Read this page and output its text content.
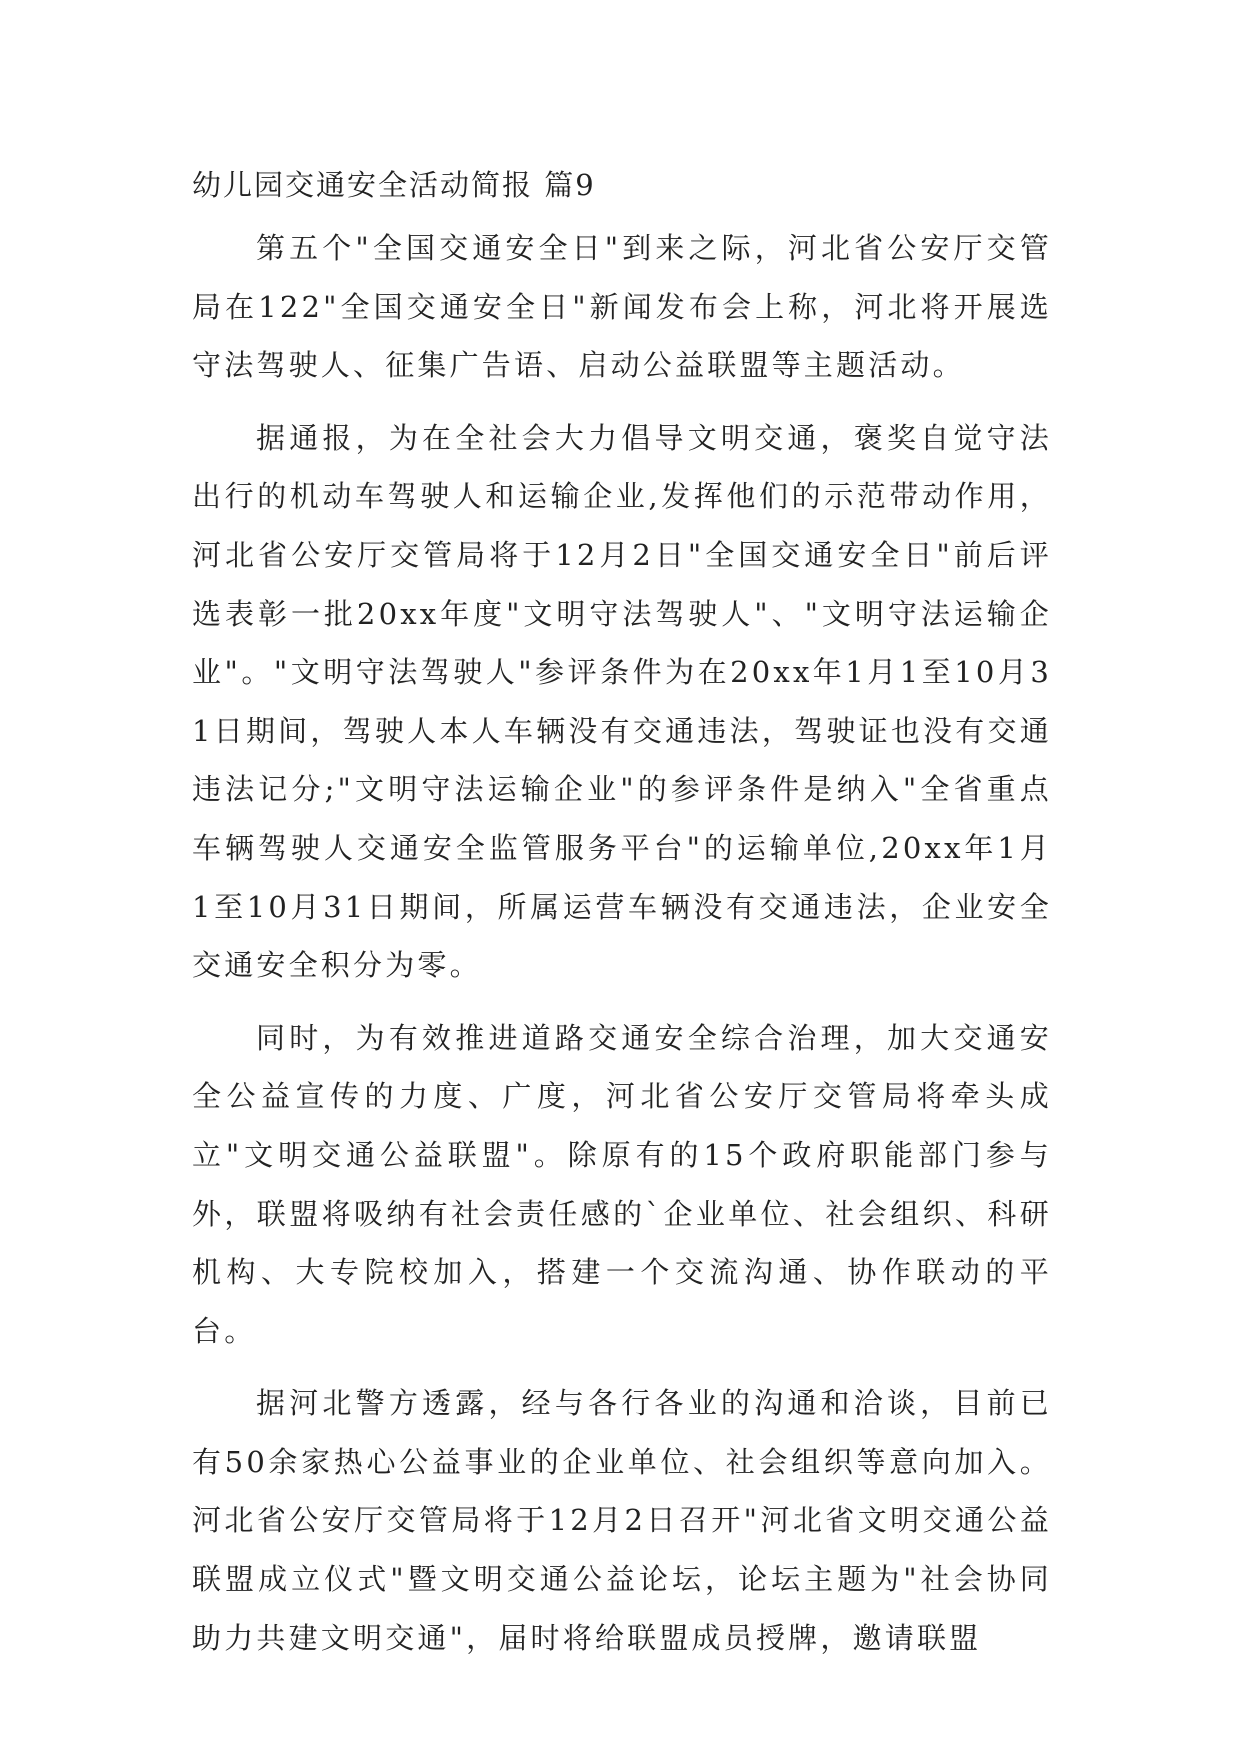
幼儿园交通安全活动简报 篇9

第五个"全国交通安全日"到来之际，河北省公安厅交管局在122"全国交通安全日"新闻发布会上称，河北将开展选守法驾驶人、征集广告语、启动公益联盟等主题活动。

据通报，为在全社会大力倡导文明交通，褒奖自觉守法出行的机动车驾驶人和运输企业,发挥他们的示范带动作用，河北省公安厅交管局将于12月2日"全国交通安全日"前后评选表彰一批20xx年度"文明守法驾驶人"、"文明守法运输企业"。"文明守法驾驶人"参评条件为在20xx年1月1至10月31日期间，驾驶人本人车辆没有交通违法，驾驶证也没有交通违法记分;"文明守法运输企业"的参评条件是纳入"全省重点车辆驾驶人交通安全监管服务平台"的运输单位,20xx年1月1至10月31日期间，所属运营车辆没有交通违法，企业安全交通安全积分为零。

同时，为有效推进道路交通安全综合治理，加大交通安全公益宣传的力度、广度，河北省公安厅交管局将牵头成立"文明交通公益联盟"。除原有的15个政府职能部门参与外，联盟将吸纳有社会责任感的`企业单位、社会组织、科研机构、大专院校加入，搭建一个交流沟通、协作联动的平台。

据河北警方透露，经与各行各业的沟通和洽谈，目前已有50余家热心公益事业的企业单位、社会组织等意向加入。河北省公安厅交管局将于12月2日召开"河北省文明交通公益联盟成立仪式"暨文明交通公益论坛，论坛主题为"社会协同助力共建文明交通"，届时将给联盟成员授牌，邀请联盟
